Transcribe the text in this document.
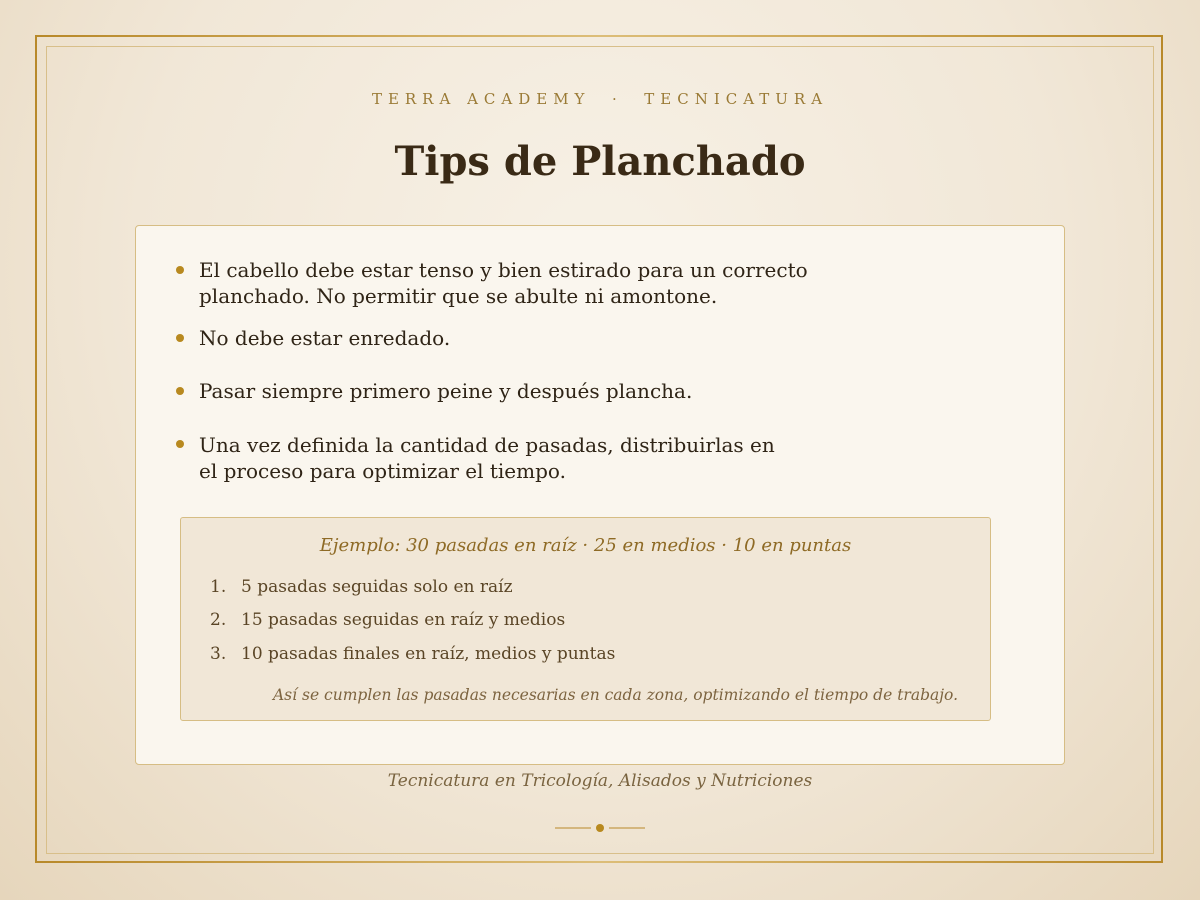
TERRA ACADEMY  ·  TECNICATURA
Tips de Planchado
El cabello debe estar tenso y bien estirado para un correcto planchado. No permitir que se abulte ni amontone.
No debe estar enredado.
Pasar siempre primero peine y después plancha.
Una vez definida la cantidad de pasadas, distribuirlas en el proceso para optimizar el tiempo.
Ejemplo: 30 pasadas en raíz · 25 en medios · 10 en puntas
1. 5 pasadas seguidas solo en raíz
2. 15 pasadas seguidas en raíz y medios
3. 10 pasadas finales en raíz, medios y puntas
Así se cumplen las pasadas necesarias en cada zona, optimizando el tiempo de trabajo.
Tecnicatura en Tricología, Alisados y Nutriciones
